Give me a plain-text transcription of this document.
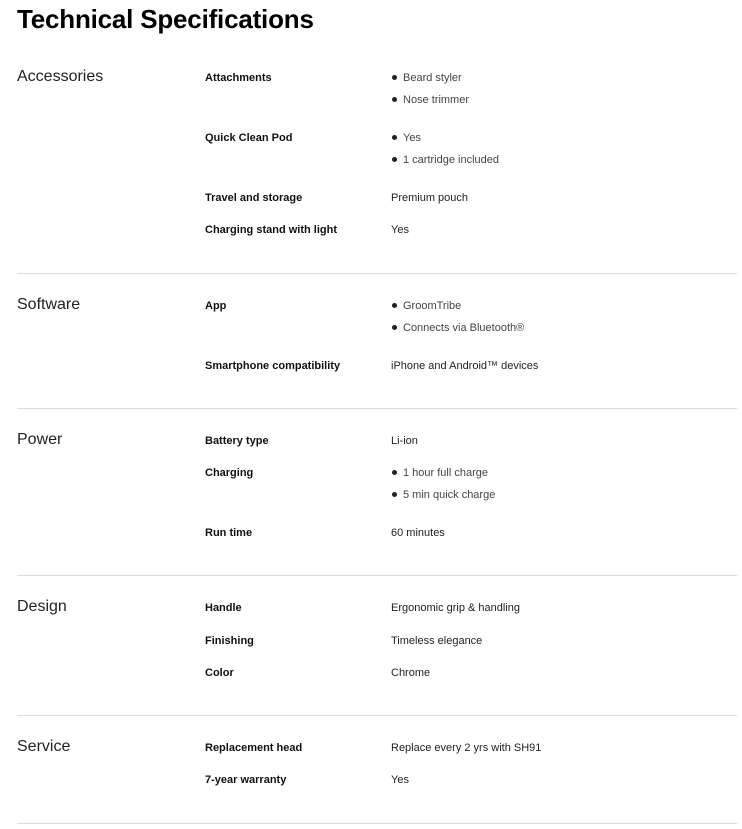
Technical Specifications
Accessories	Attachments	Beard styler
Nose trimmer
Quick Clean Pod	Yes
1 cartridge included
Travel and storage	Premium pouch
Charging stand with light	Yes
Software	App	GroomTribe
Connects via Bluetooth®
Smartphone compatibility	iPhone and Android™ devices
Power	Battery type	Li-ion
Charging	1 hour full charge
5 min quick charge
Run time	60 minutes
Design	Handle	Ergonomic grip & handling
Finishing	Timeless elegance
Color	Chrome
Service	Replacement head	Replace every 2 yrs with SH91
7-year warranty	Yes
